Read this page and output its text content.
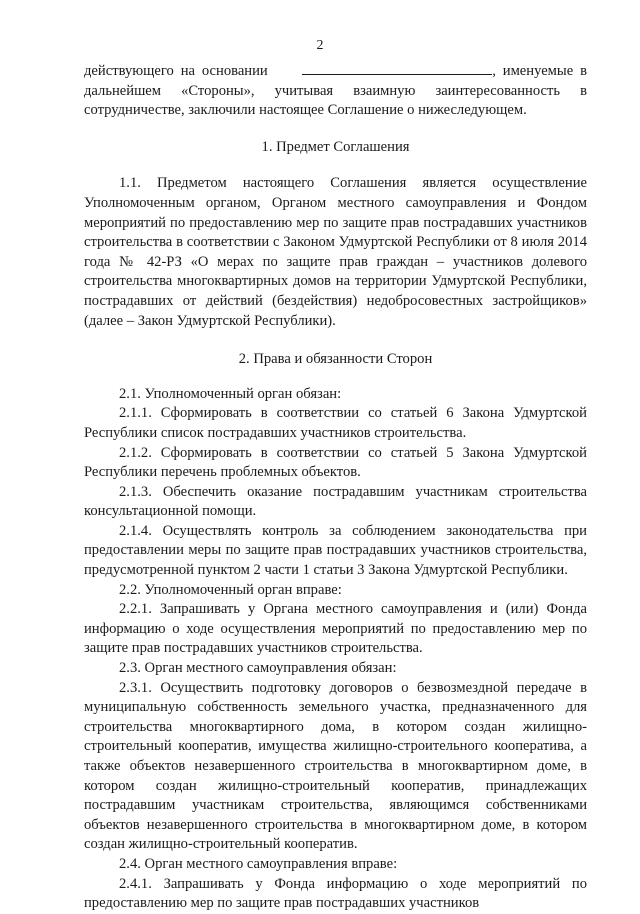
2

действующего на основании	, именуемые в дальнейшем «Стороны», учитывая взаимную заинтересованность в сотрудничестве, заключили настоящее Соглашение о нижеследующем.

1. Предмет Соглашения

1.1. Предметом настоящего Соглашения является осуществление Уполномоченным органом, Органом местного самоуправления и Фондом мероприятий по предоставлению мер по защите прав пострадавших участников строительства в соответствии с Законом Удмуртской Республики от 8 июля 2014 года № 42-РЗ «О мерах по защите прав граждан – участников долевого строительства многоквартирных домов на территории Удмуртской Республики, пострадавших от действий (бездействия) недобросовестных застройщиков» (далее – Закон Удмуртской Республики).

2. Права и обязанности Сторон

2.1. Уполномоченный орган обязан:

2.1.1. Сформировать в соответствии со статьей 6 Закона Удмуртской Республики список пострадавших участников строительства.

2.1.2. Сформировать в соответствии со статьей 5 Закона Удмуртской Республики перечень проблемных объектов.

2.1.3. Обеспечить оказание пострадавшим участникам строительства консультационной помощи.

2.1.4. Осуществлять контроль за соблюдением законодательства при предоставлении меры по защите прав пострадавших участников строительства, предусмотренной пунктом 2 части 1 статьи 3 Закона Удмуртской Республики.

2.2. Уполномоченный орган вправе:

2.2.1. Запрашивать у Органа местного самоуправления и (или) Фонда информацию о ходе осуществления мероприятий по предоставлению мер по защите прав пострадавших участников строительства.

2.3. Орган местного самоуправления обязан:

2.3.1. Осуществить подготовку договоров о безвозмездной передаче в муниципальную собственность земельного участка, предназначенного для строительства многоквартирного дома, в котором создан жилищно-строительный кооператив, имущества жилищно-строительного кооператива, а также объектов незавершенного строительства в многоквартирном доме, в котором создан жилищно-строительный кооператив, принадлежащих пострадавшим участникам строительства, являющимся собственниками объектов незавершенного строительства в многоквартирном доме, в котором создан жилищно-строительный кооператив.

2.4. Орган местного самоуправления вправе:

2.4.1. Запрашивать у Фонда информацию о ходе мероприятий по предоставлению мер по защите прав пострадавших участников
